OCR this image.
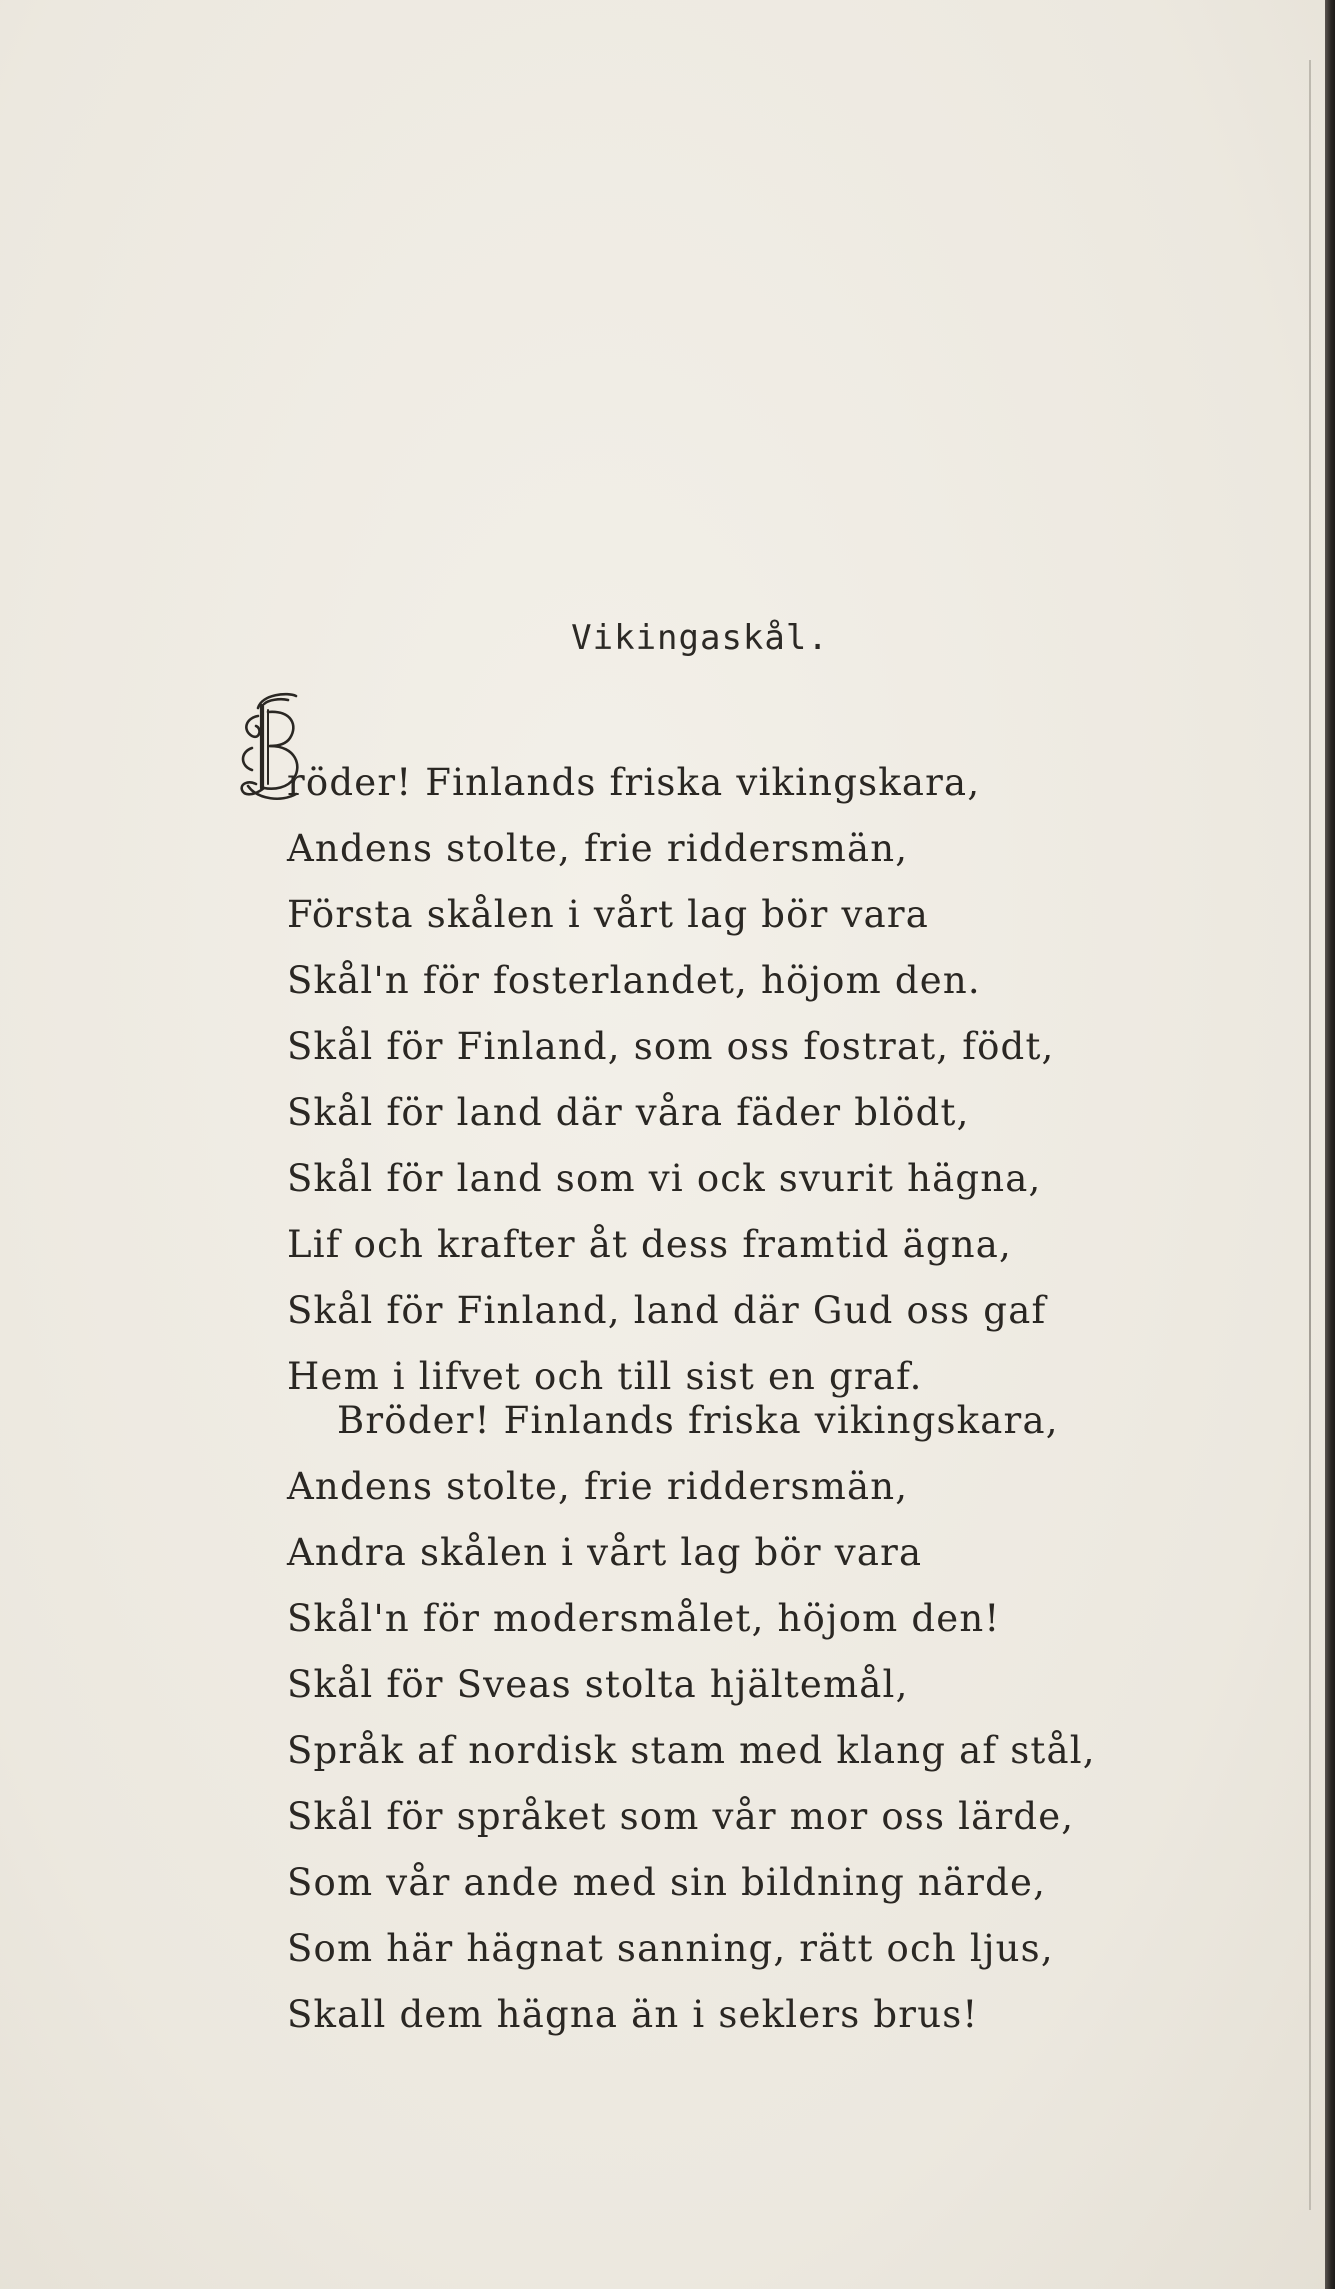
Vikingaskål.
B röder! Finlands friska vikingskara,
Andens stolte, frie riddersmän,
Första skålen i vårt lag bör vara
Skål'n för fosterlandet, höjom den.
Skål för Finland, som oss fostrat, födt,
Skål för land där våra fäder blödt,
Skål för land som vi ock svurit hägna,
Lif och krafter åt dess framtid ägna,
Skål för Finland, land där Gud oss gaf
Hem i lifvet och till sist en graf.
Bröder! Finlands friska vikingskara,
Andens stolte, frie riddersmän,
Andra skålen i vårt lag bör vara
Skål'n för modersmålet, höjom den!
Skål för Sveas stolta hjältemål,
Språk af nordisk stam med klang af stål,
Skål för språket som vår mor oss lärde,
Som vår ande med sin bildning närde,
Som här hägnat sanning, rätt och ljus,
Skall dem hägna än i seklers brus!
